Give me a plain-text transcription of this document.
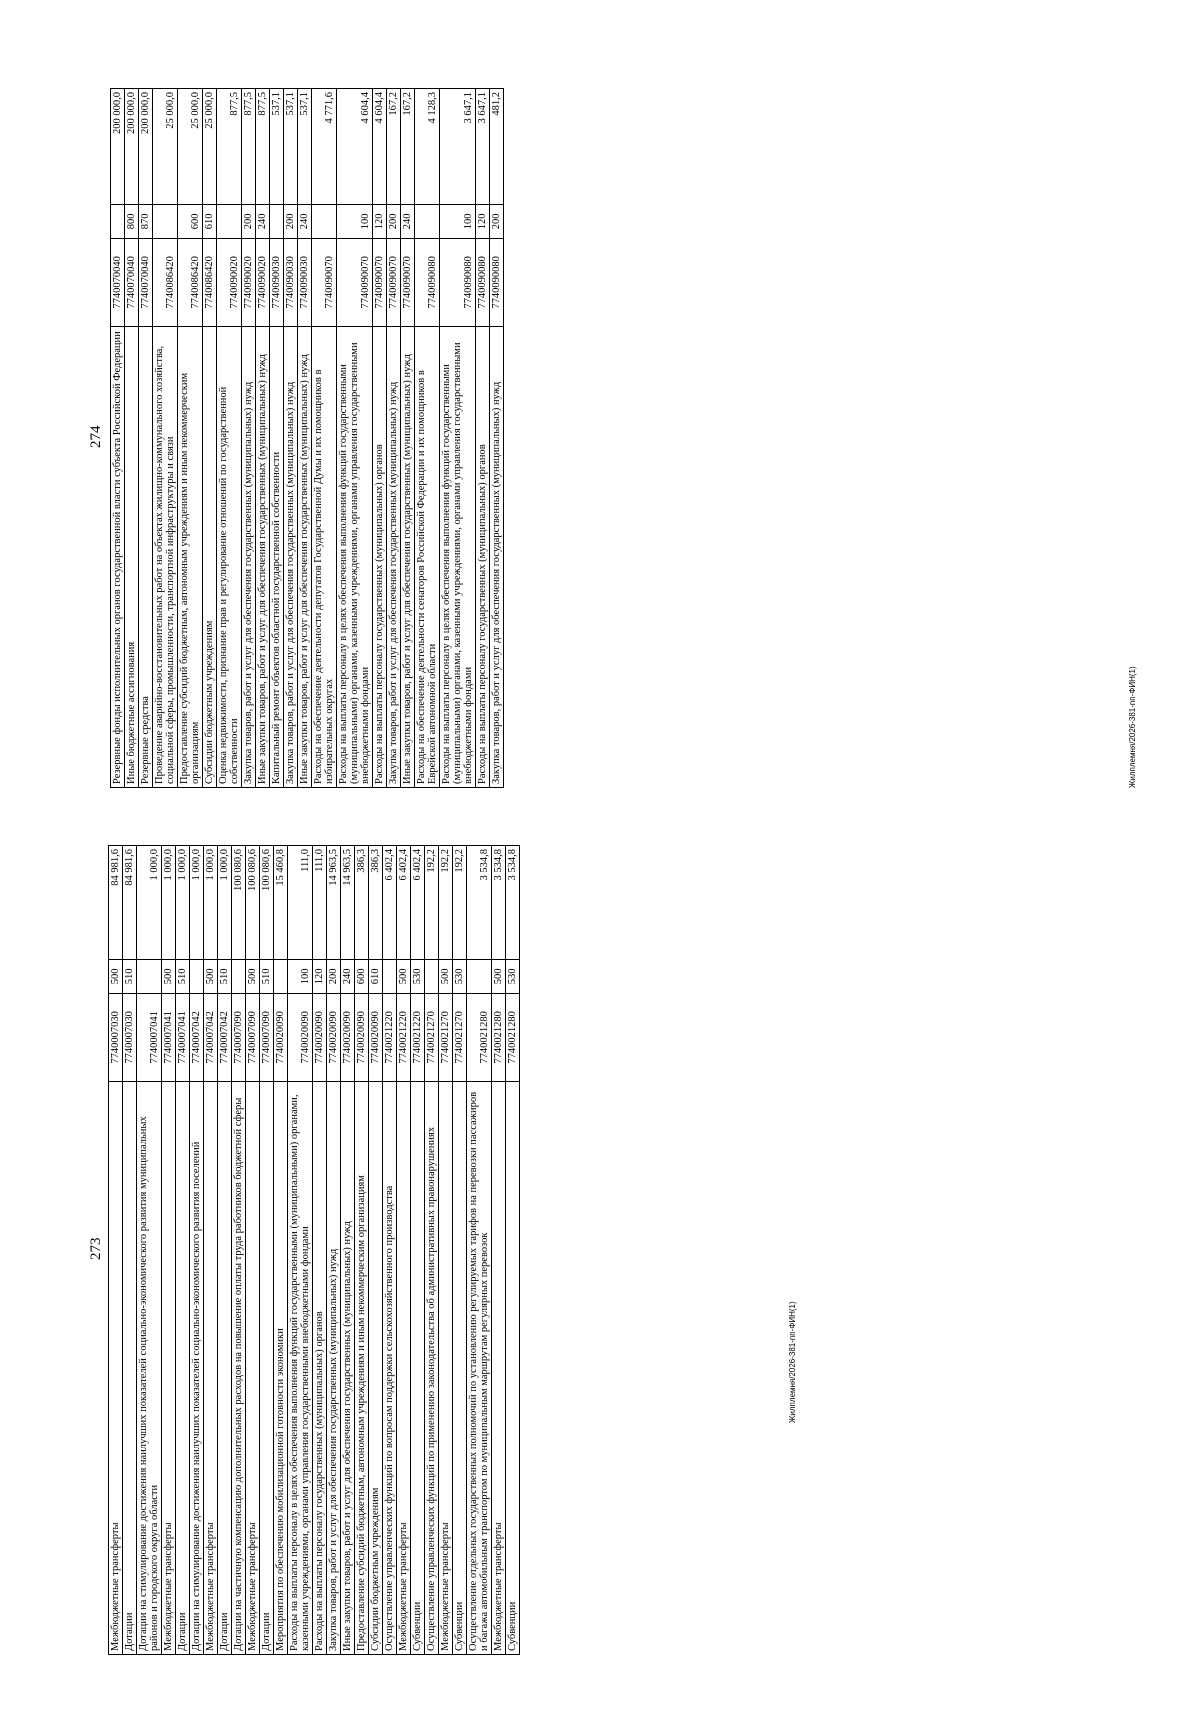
273
Межбюджетные трансферты	7740007030	500	84 981,6
Дотации	7740007030	510	84 981,6
Дотации на стимулирование достижения наилучших показателей социально-экономического развития муниципальных районов и городского округа области	7740007041		1 000,0
Межбюджетные трансферты	7740007041	500	1 000,0
Дотации	7740007041	510	1 000,0
Дотации на стимулирование достижения наилучших показателей социально-экономического развития поселений	7740007042		1 000,0
Межбюджетные трансферты	7740007042	500	1 000,0
Дотации	7740007042	510	1 000,0
Дотации на частичную компенсацию дополнительных расходов на повышение оплаты труда работников бюджетной сферы	7740007090		100 080,6
Межбюджетные трансферты	7740007090	500	100 080,6
Дотации	7740007090	510	100 080,6
Мероприятия по обеспечению мобилизационной готовности экономики	7740020090		15 460,8
Расходы на выплаты персоналу в целях обеспечения выполнения функций государственными (муниципальными) органами, казенными учреждениями, органами управления государственными внебюджетными фондами	7740020090	100	111,0
Расходы на выплаты персоналу государственных (муниципальных) органов	7740020090	120	111,0
Закупка товаров, работ и услуг для обеспечения государственных (муниципальных) нужд	7740020090	200	14 963,5
Иные закупки товаров, работ и услуг для обеспечения государственных (муниципальных) нужд	7740020090	240	14 963,5
Предоставление субсидий бюджетным, автономным учреждениям и иным некоммерческим организациям	7740020090	600	386,3
Субсидии бюджетным учреждениям	7740020090	610	386,3
Осуществление управленческих функций по вопросам поддержки сельскохозяйственного производства	7740021220		6 402,4
Межбюджетные трансферты	7740021220	500	6 402,4
Субвенции	7740021220	530	6 402,4
Осуществление управленческих функций по применению законодательства об административных правонарушениях	7740021270		192,2
Межбюджетные трансферты	7740021270	500	192,2
Субвенции	7740021270	530	192,2
Осуществление отдельных государственных полномочий по установлению регулируемых тарифов на перевозки пассажиров и багажа автомобильным транспортом по муниципальным маршрутам регулярных перевозок	7740021280		3 534,8
Межбюджетные трансферты	7740021280	500	3 534,8
Субвенции	7740021280	530	3 534,8
Жилплемня/2026-381-пп-ФИН(1)
274 Резервные фонды исполнительных органов государственной власти субъекта Российской Федерации	7740070040		200 000,0
Иные бюджетные ассигнования	7740070040	800	200 000,0
Резервные средства	7740070040	870	200 000,0
Проведение аварийно-восстановительных работ на объектах жилищно-коммунального хозяйства, социальной сферы, промышленности, транспортной инфраструктуры и связи	7740086420		25 000,0
Предоставление субсидий бюджетным, автономным учреждениям и иным некоммерческим организациям	7740086420	600	25 000,0
Субсидии бюджетным учреждениям	7740086420	610	25 000,0
Оценка недвижимости, признание прав и регулирование отношений по государственной собственности	7740090020		877,5
Закупка товаров, работ и услуг для обеспечения государственных (муниципальных) нужд	7740090020	200	877,5
Иные закупки товаров, работ и услуг для обеспечения государственных (муниципальных) нужд	7740090020	240	877,5
Капитальный ремонт объектов областной государственной собственности	7740090030		537,1
Закупка товаров, работ и услуг для обеспечения государственных (муниципальных) нужд	7740090030	200	537,1
Иные закупки товаров, работ и услуг для обеспечения государственных (муниципальных) нужд	7740090030	240	537,1
Расходы на обеспечение деятельности депутатов Государственной Думы и их помощников в избирательных округах	7740090070		4 771,6
Расходы на выплаты персоналу в целях обеспечения выполнения функций государственными (муниципальными) органами, казенными учреждениями, органами управления государственными внебюджетными фондами	7740090070	100	4 604,4
Расходы на выплаты персоналу государственных (муниципальных) органов	7740090070	120	4 604,4
Закупка товаров, работ и услуг для обеспечения государственных (муниципальных) нужд	7740090070	200	167,2
Иные закупки товаров, работ и услуг для обеспечения государственных (муниципальных) нужд	7740090070	240	167,2
Расходы на обеспечение деятельности сенаторов Российской Федерации и их помощников в Еврейской автономной области	7740090080		4 128,3
Расходы на выплаты персоналу в целях обеспечения выполнения функций государственными (муниципальными) органами, казенными учреждениями, органами управления государственными внебюджетными фондами	7740090080	100	3 647,1
Расходы на выплаты персоналу государственных (муниципальных) органов	7740090080	120	3 647,1
Закупка товаров, работ и услуг для обеспечения государственных (муниципальных) нужд	7740090080	200	481,2
Жилплемня/2026-381-пп-ФИН(1)
